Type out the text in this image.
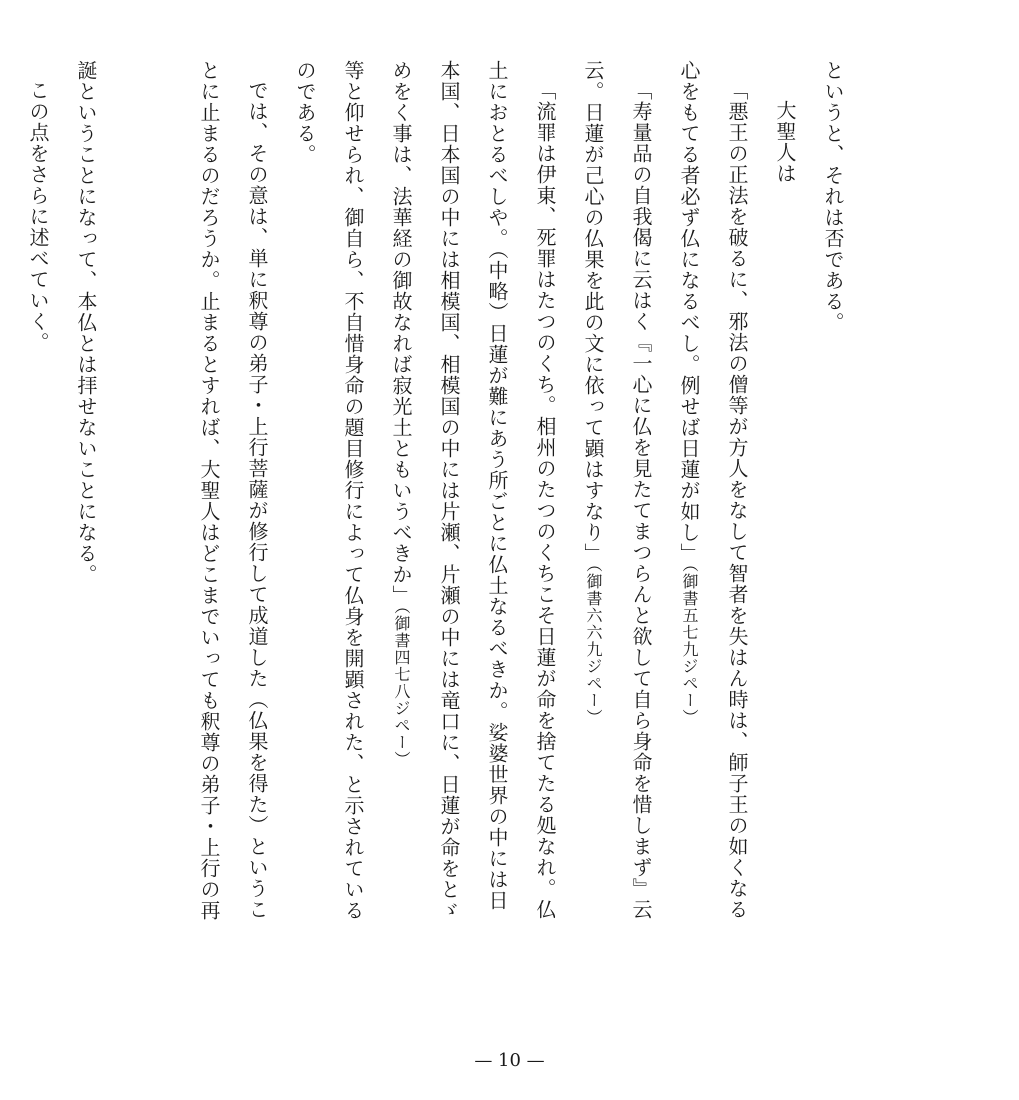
というと、それは否である。
大聖人は
「悪王の正法を破るに、邪法の僧等が方人をなして智者を失はん時は、師子王の如くなる
心をもてる者必ず仏になるべし。例せば日蓮が如し」（御書五七九ジペー）
「寿量品の自我偈に云はく『一心に仏を見たてまつらんと欲して自ら身命を惜しまず』云
云。日蓮が己心の仏果を此の文に依って顕はすなり」（御書六六九ジペー）
「流罪は伊東、死罪はたつのくち。相州のたつのくちこそ日蓮が命を捨てたる処なれ。仏
土におとるべしや。（中略）日蓮が難にあう所ごとに仏土なるべきか。娑婆世界の中には日
本国、日本国の中には相模国、相模国の中には片瀬、片瀬の中には竜口に、日蓮が命をとゞ
めをく事は、法華経の御故なれば寂光土ともいうべきか」（御書四七八ジペー）
等と仰せられ、御自ら、不自惜身命の題目修行によって仏身を開顕された、と示されている
のである。
では、その意は、単に釈尊の弟子・上行菩薩が修行して成道した（仏果を得た）というこ
とに止まるのだろうか。止まるとすれば、大聖人はどこまでいっても釈尊の弟子・上行の再
誕ということになって、本仏とは拝せないことになる。
この点をさらに述べていく。
— 10 —
